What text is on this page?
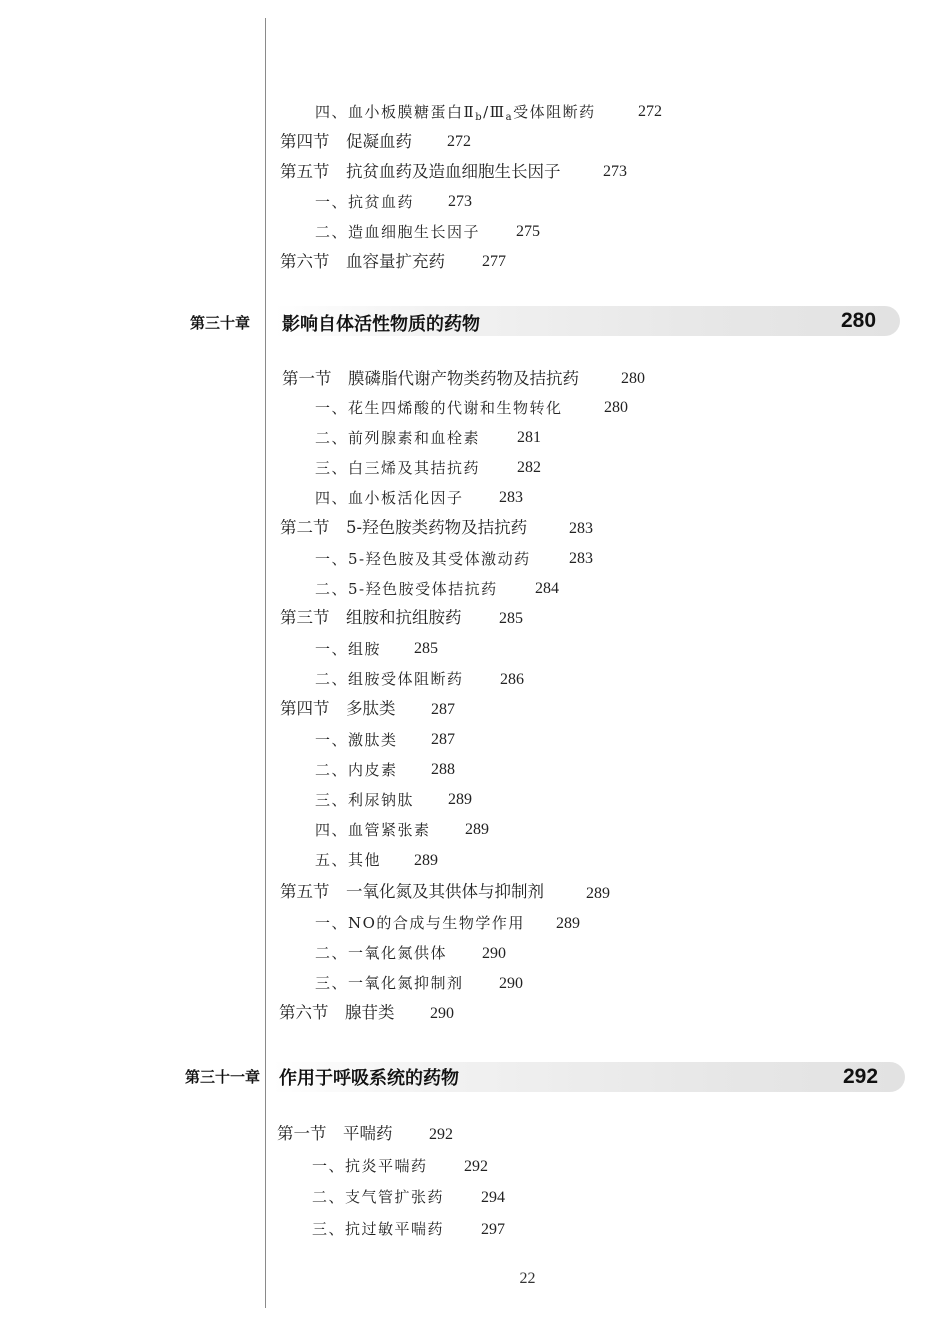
四、血小板膜糖蛋白$Ⅱ_b/Ⅲ_a$受体阻断药	272
第四节　促凝血药 272
第五节　抗贫血药及造血细胞生长因子	273
一、抗贫血药 273
二、造血细胞生长因子 275
第六节　血容量扩充药 277
第三十章 影响自体活性物质的药物	280
第一节　膜磷脂代谢产物类药物及拮抗药	280
一、花生四烯酸的代谢和生物转化	280
二、前列腺素和血栓素 281
三、白三烯及其拮抗药 282
四、血小板活化因子 283
第二节　5-羟色胺类药物及拮抗药	283
一、5-羟色胺及其受体激动药 283
二、5-羟色胺受体拮抗药 284
第三节　组胺和抗组胺药 285
一、组胺 285
二、组胺受体阻断药 286
第四节　多肽类 287
一、激肽类 287
二、内皮素 288
三、利尿钠肽 289
四、血管紧张素 289
五、其他 289
第五节　一氧化氮及其供体与抑制剂	289
一、NO的合成与生物学作用 289
二、一氧化氮供体 290
三、一氧化氮抑制剂 290
第六节　腺苷类 290
第三十一章 作用于呼吸系统的药物	292
第一节　平喘药 292
一、抗炎平喘药 292
二、支气管扩张药 294
三、抗过敏平喘药 297
22
